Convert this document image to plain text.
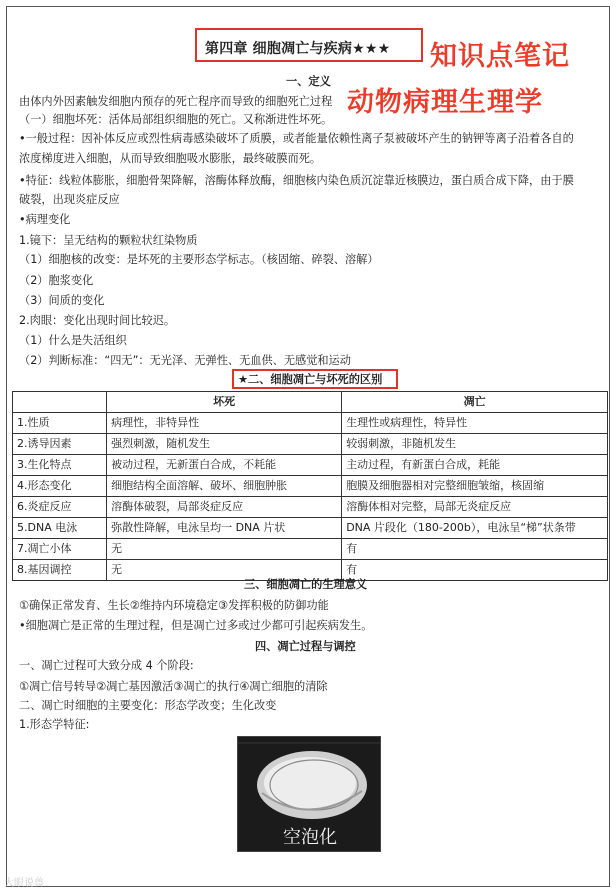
第四章 细胞凋亡与疾病★★★ 知识点笔记
动物病理生理学
一、定义
由体内外因素触发细胞内预存的死亡程序而导致的细胞死亡过程
（一）细胞坏死：活体局部组织细胞的死亡。又称渐进性坏死。
•一般过程：因补体反应或烈性病毒感染破坏了质膜，或者能量依赖性离子泵被破坏产生的钠钾等离子沿着各自的
浓度梯度进入细胞，从而导致细胞吸水膨胀，最终破膜而死。
•特征：线粒体膨胀，细胞骨架降解，溶酶体释放酶，细胞核内染色质沉淀靠近核膜边，蛋白质合成下降，由于膜
破裂，出现炎症反应
•病理变化
1.镜下：呈无结构的颗粒状红染物质
（1）细胞核的改变：是坏死的主要形态学标志。（核固缩、碎裂、溶解）
（2）胞浆变化
（3）间质的变化
2.肉眼：变化出现时间比较迟。
（1）什么是失活组织
（2）判断标准：“四无”：无光泽、无弹性、无血供、无感觉和运动
★二、细胞凋亡与坏死的区别
	坏死	凋亡
1.性质	病理性，非特异性	生理性或病理性，特异性
2.诱导因素	强烈刺激，随机发生	较弱刺激，非随机发生
3.生化特点	被动过程，无新蛋白合成，不耗能	主动过程，有新蛋白合成，耗能
4.形态变化	细胞结构全面溶解、破坏、细胞肿胀	胞膜及细胞器相对完整细胞皱缩，核固缩
6.炎症反应	溶酶体破裂，局部炎症反应	溶酶体相对完整，局部无炎症反应
5.DNA 电泳	弥散性降解，电泳呈均一 DNA 片状	DNA 片段化（180-200b），电泳呈“梯”状条带
7.凋亡小体	无	有
8.基因调控	无	有
三、细胞凋亡的生理意义
①确保正常发育、生长②维持内环境稳定③发挥积极的防御功能
•细胞凋亡是正常的生理过程，但是凋亡过多或过少都可引起疾病发生。
四、凋亡过程与调控
一、凋亡过程可大致分成 4 个阶段:
①凋亡信号转导②凋亡基因激活③凋亡的执行④凋亡细胞的清除
二、凋亡时细胞的主要变化：形态学改变；生化改变
1.形态学特征:
空泡化
大眼说兽
